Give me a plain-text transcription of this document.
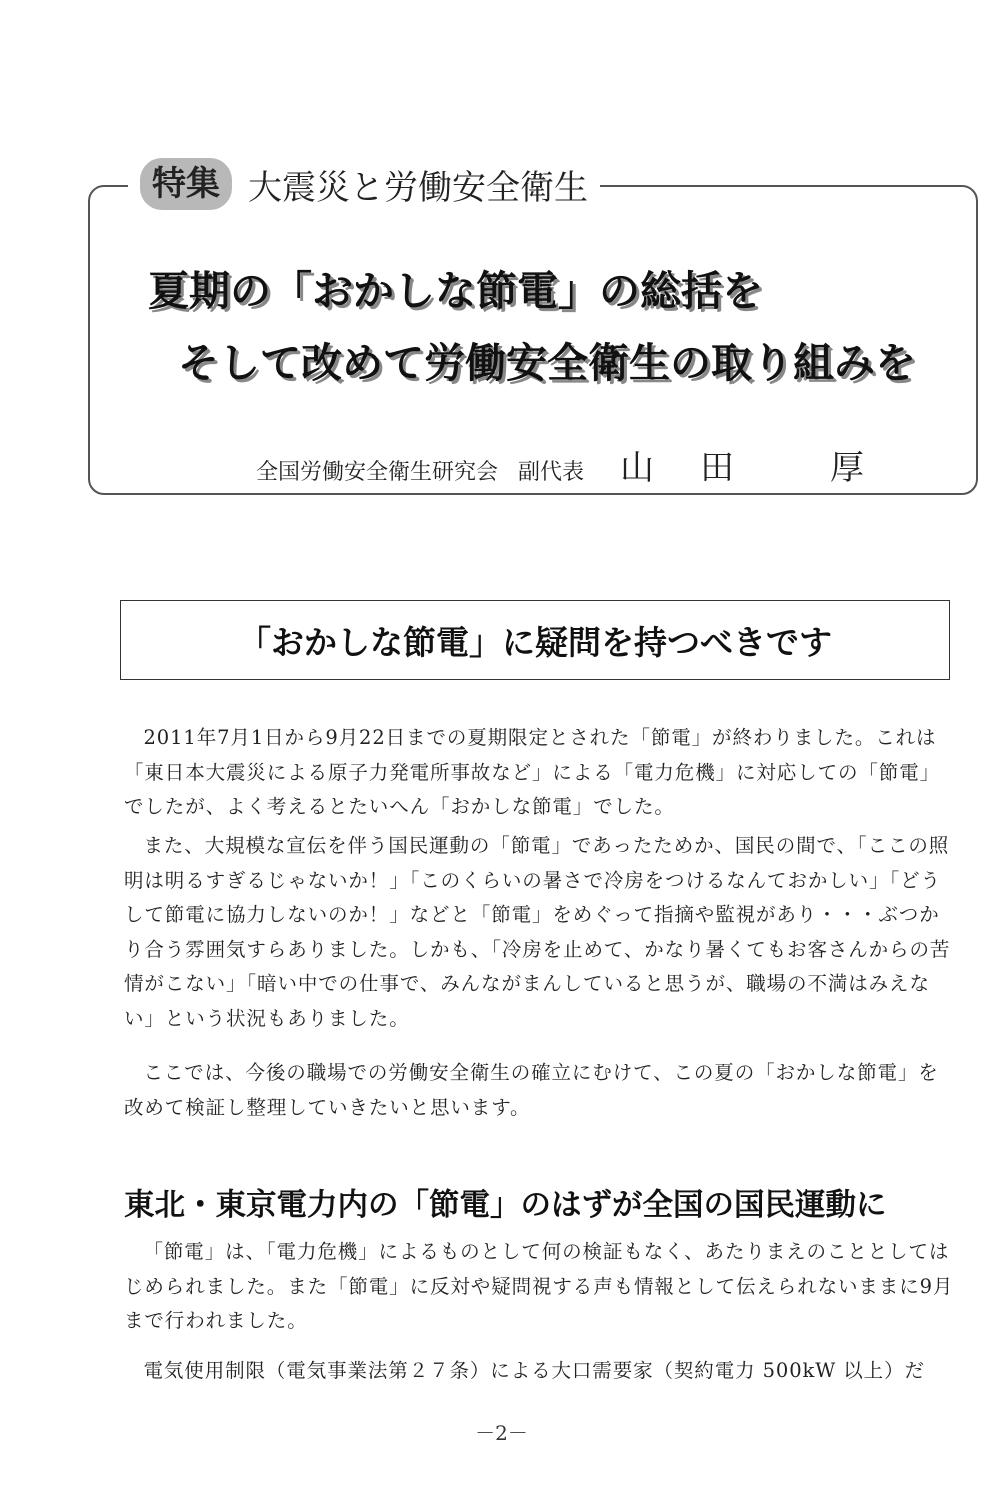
特集 大震災と労働安全衛生
夏期の「おかしな節電」の総括を
そして改めて労働安全衛生の取り組みを
全国労働安全衛生研究会 副代表 山 田	厚
「おかしな節電」に疑問を持つべきです

2011年7月1日から9月22日までの夏期限定とされた「節電」が終わりました。これは「東日本大震災による原子力発電所事故など」による「電力危機」に対応しての「節電」でしたが、よく考えるとたいへん「おかしな節電」でした。

また、大規模な宣伝を伴う国民運動の「節電」であったためか、国民の間で、「ここの照明は明るすぎるじゃないか！」「このくらいの暑さで冷房をつけるなんておかしい」「どうして節電に協力しないのか！」などと「節電」をめぐって指摘や監視があり・・・ぶつかり合う雰囲気すらありました。しかも、「冷房を止めて、かなり暑くてもお客さんからの苦情がこない」「暗い中での仕事で、みんながまんしていると思うが、職場の不満はみえない」という状況もありました。

ここでは、今後の職場での労働安全衛生の確立にむけて、この夏の「おかしな節電」を改めて検証し整理していきたいと思います。

東北・東京電力内の「節電」のはずが全国の国民運動に

「節電」は、「電力危機」によるものとして何の検証もなく、あたりまえのこととしてはじめられました。また「節電」に反対や疑問視する声も情報として伝えられないままに9月まで行われました。

電気使用制限（電気事業法第２７条）による大口需要家（契約電力 500kW 以上）だ

－2－
